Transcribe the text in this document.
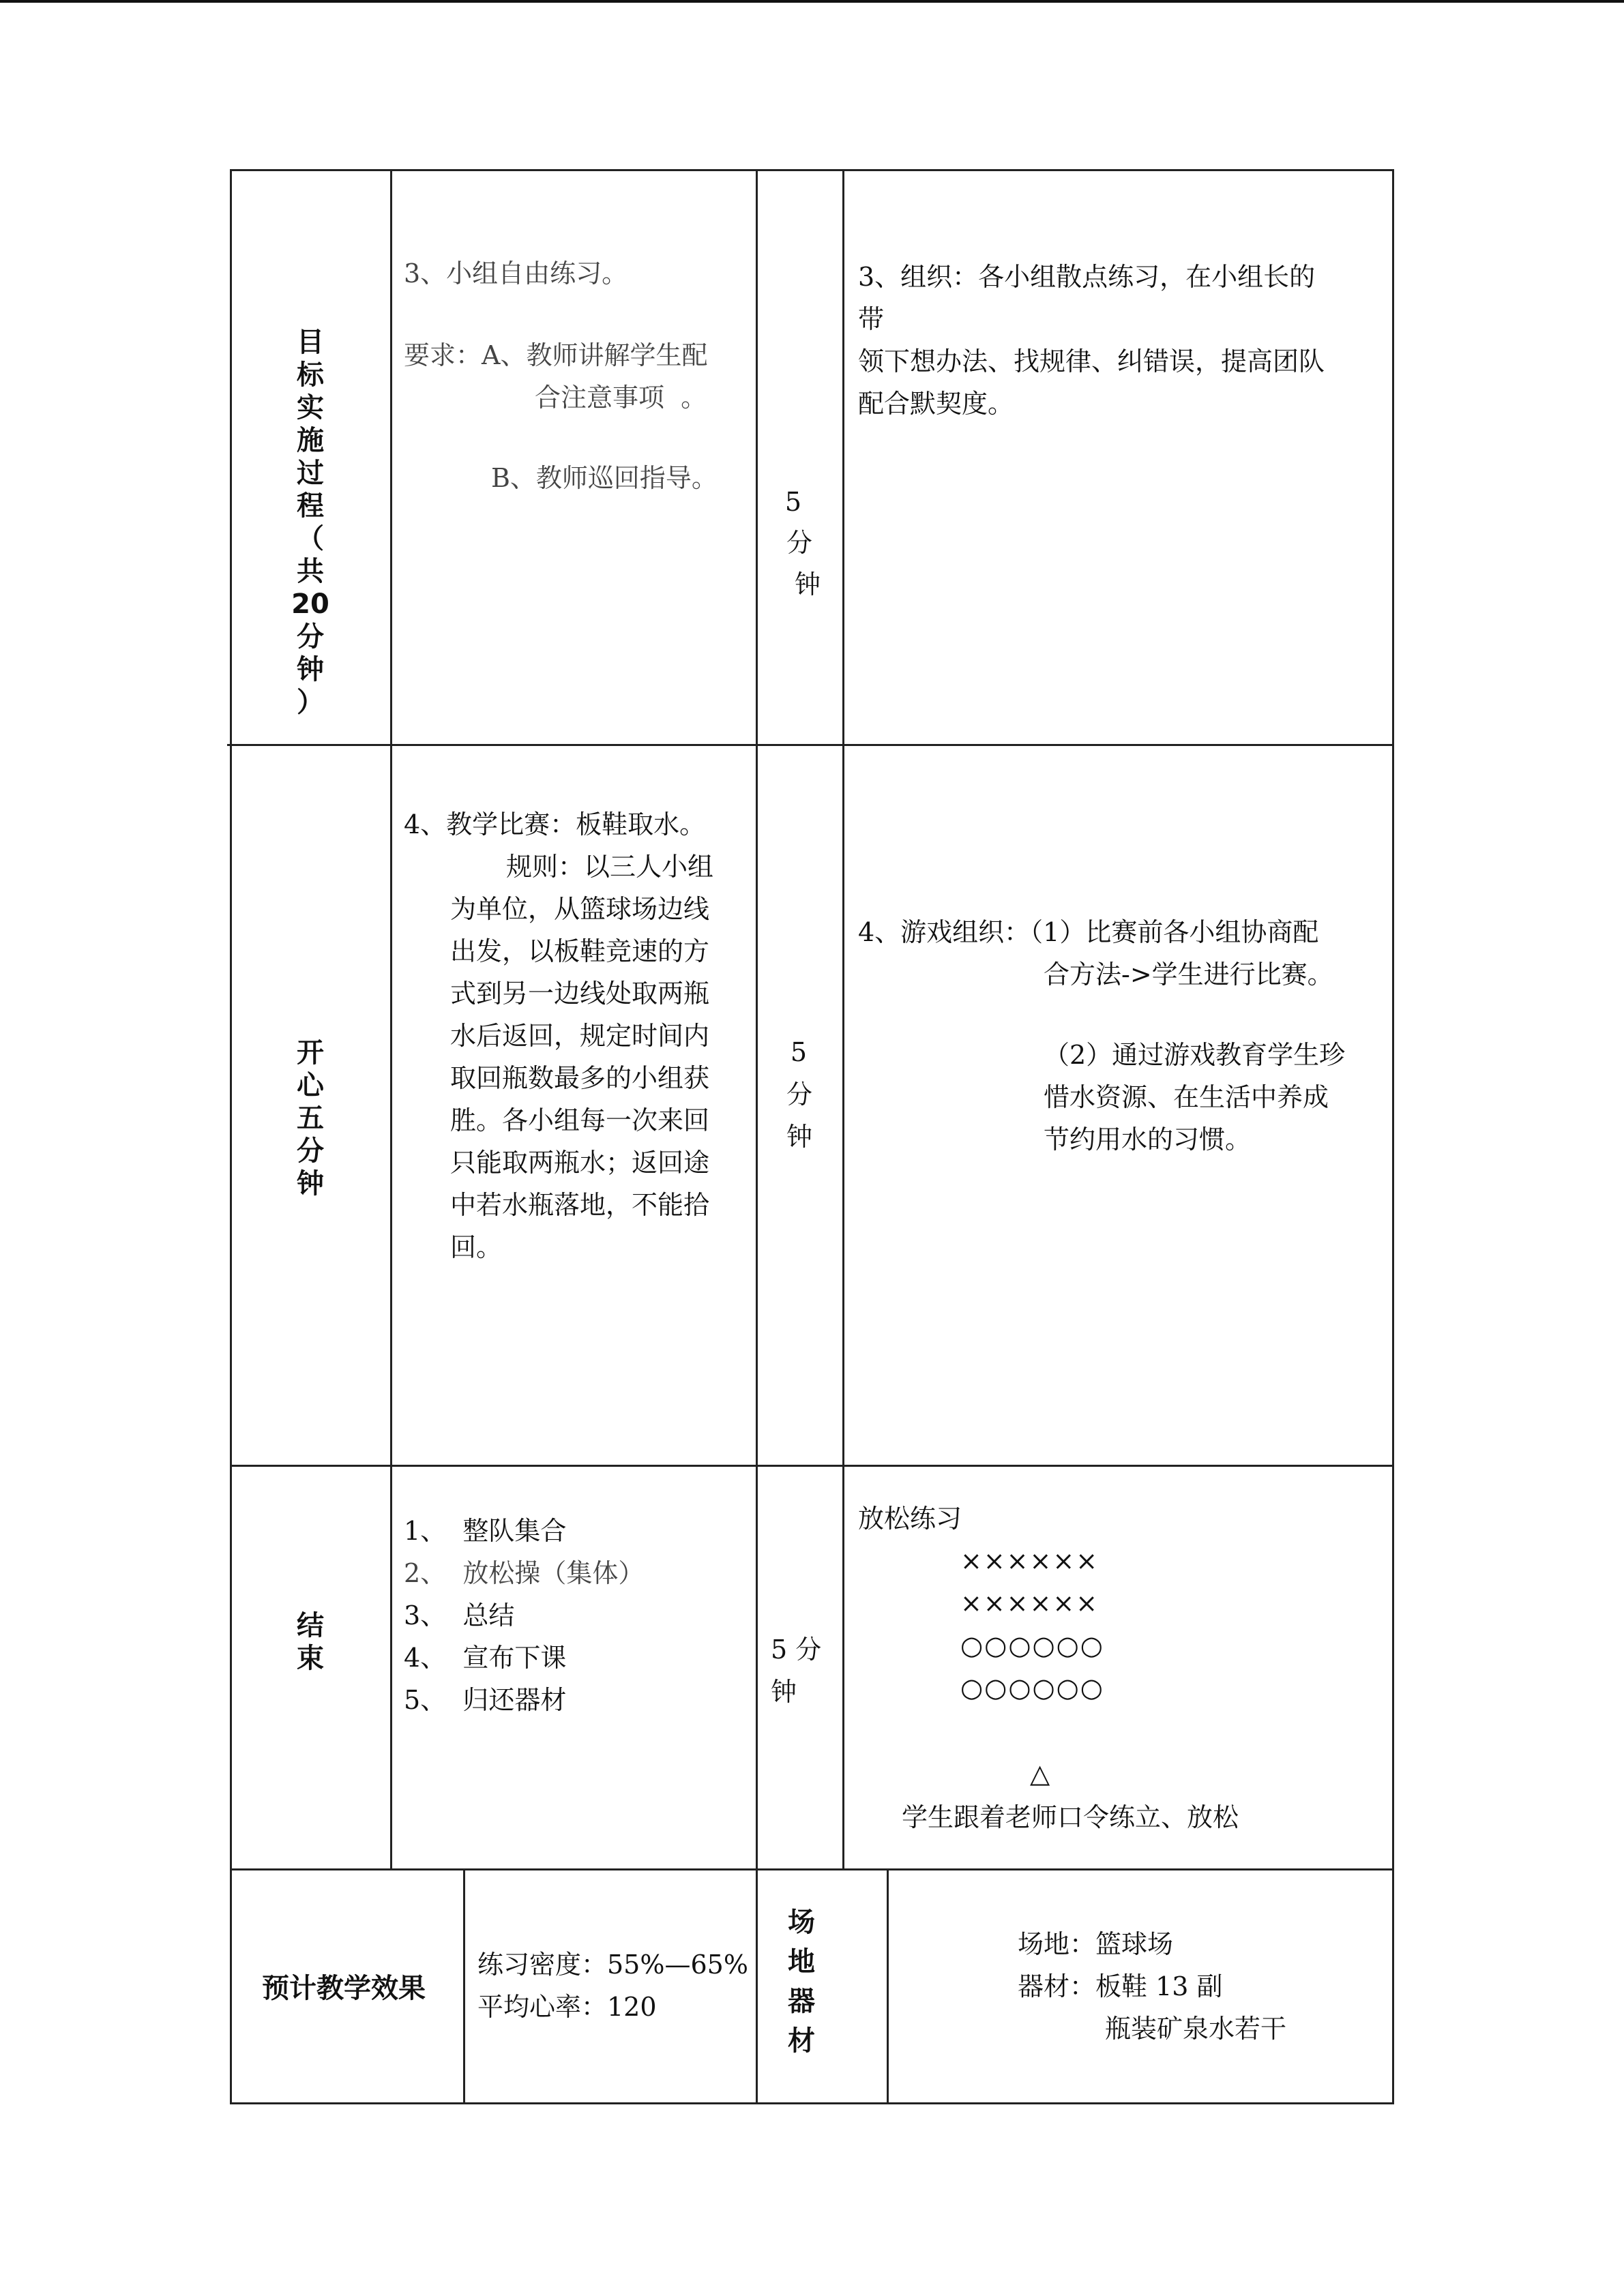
目
标
实
施
过
程
（
共
20
分
钟
）
3、小组自由练习。
要求：A、教师讲解学生配
合注意事项  。
B、教师巡回指导。
5
分
钟
3、组织：各小组散点练习，在小组长的
带
领下想办法、找规律、纠错误，提高团队
配合默契度。
开
心
五
分
钟
4、教学比赛：板鞋取水。
规则：以三人小组
为单位，从篮球场边线
出发，以板鞋竞速的方
式到另一边线处取两瓶
水后返回，规定时间内
取回瓶数最多的小组获
胜。各小组每一次来回
只能取两瓶水；返回途
中若水瓶落地，不能拾
回。
5
分
钟
4、游戏组织：（1）比赛前各小组协商配
合方法->学生进行比赛。
（2）通过游戏教育学生珍
惜水资源、在生活中养成
节约用水的习惯。
结
束
1、  整队集合
2、  放松操（集体）
3、  总结
4、  宣布下课
5、  归还器材
5 分
钟
放松练习
××××××
××××××
○○○○○○
○○○○○○
△
学生跟着老师口令练立、放松
预计教学效果
练习密度：55%—65%
平均心率：120
场
地
器
材
场地：篮球场
器材：板鞋 13 副
瓶装矿泉水若干
